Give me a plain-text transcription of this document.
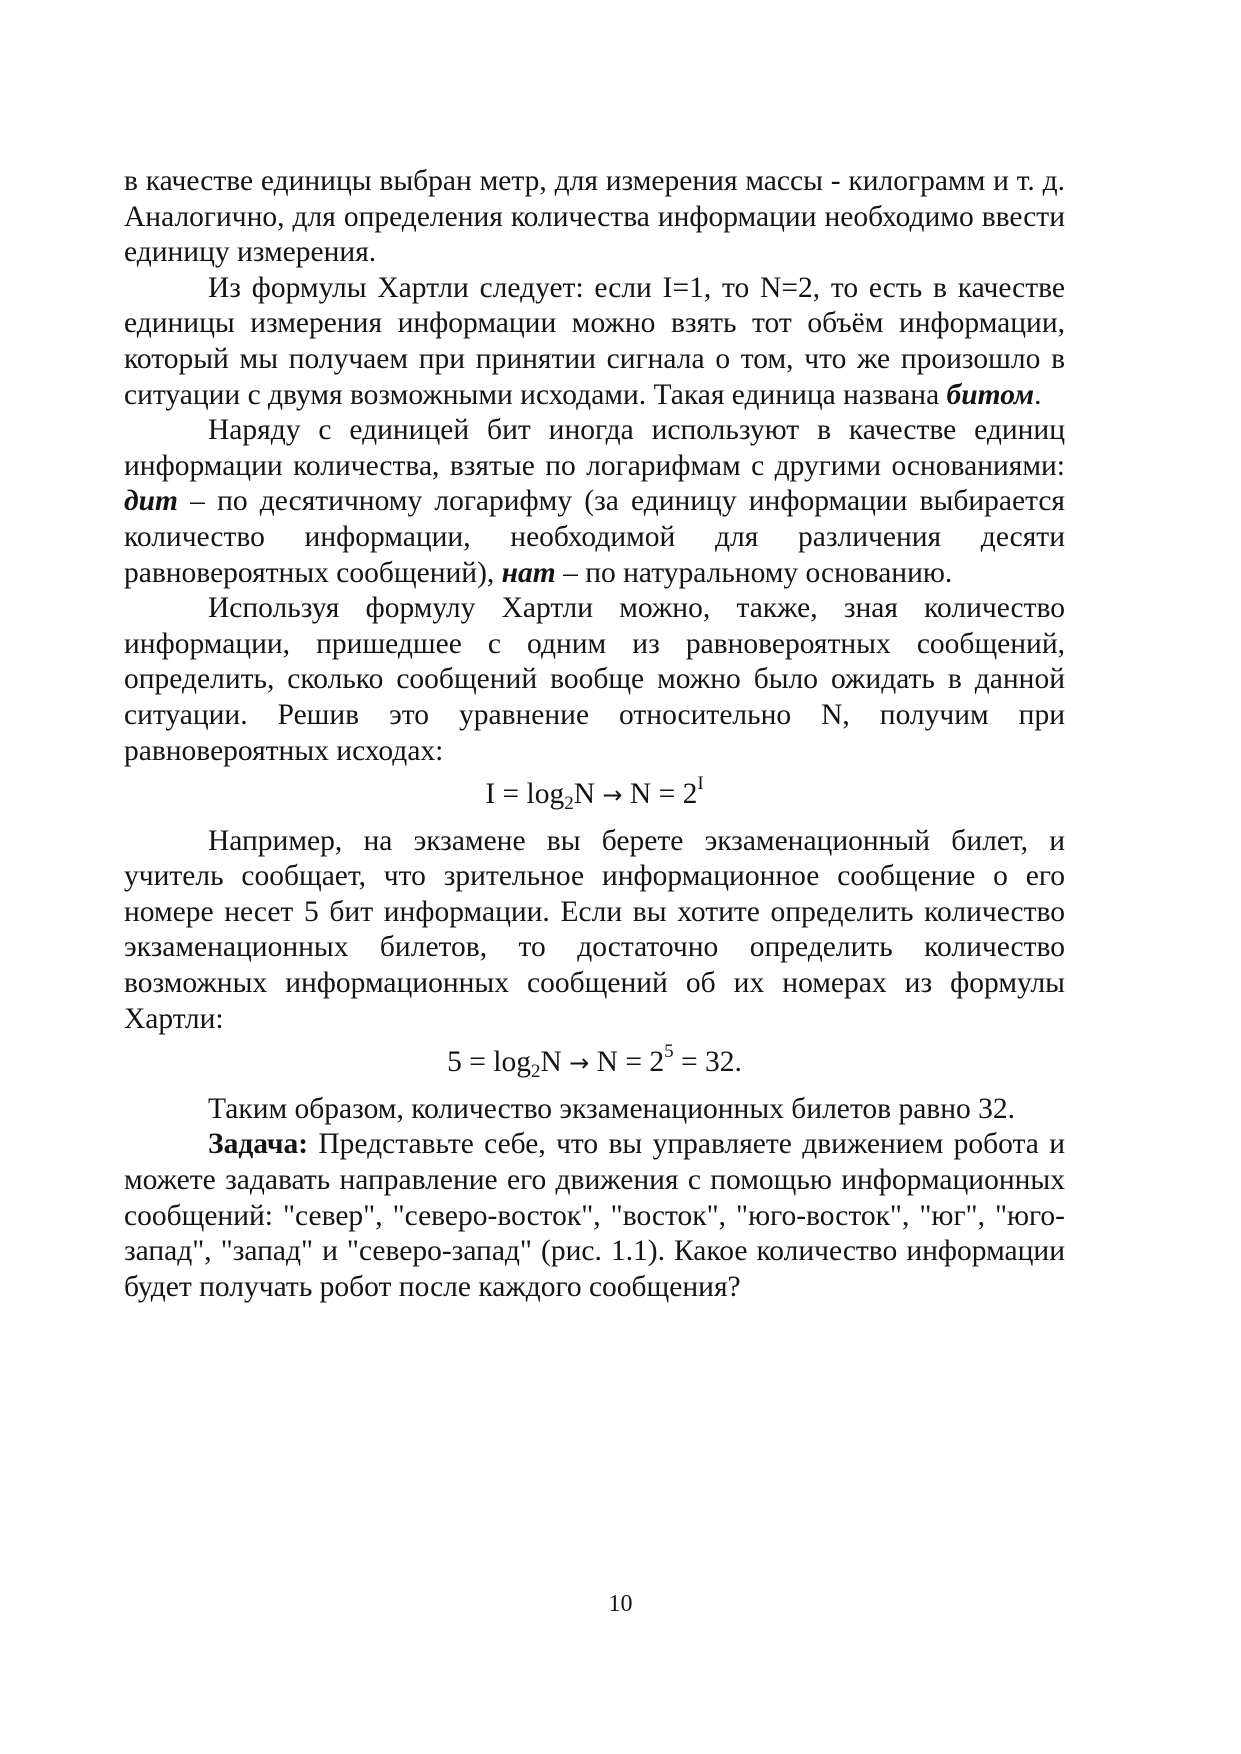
в качестве единицы выбран метр, для измерения массы - килограмм и т. д. Аналогично, для определения количества информации необходимо ввести единицу измерения.

Из формулы Хартли следует: если I=1, то N=2, то есть в качестве единицы измерения информации можно взять тот объём информации, который мы получаем при принятии сигнала о том, что же произошло в ситуации с двумя возможными исходами. Такая единица названа битом.

Наряду с единицей бит иногда используют в качестве единиц информации количества, взятые по логарифмам с другими основаниями: дит – по десятичному логарифму (за единицу информации выбирается количество информации, необходимой для различения десяти равновероятных сообщений), нат – по натуральному основанию.

Используя формулу Хартли можно, также, зная количество информации, пришедшее с одним из равновероятных сообщений, определить, сколько сообщений вообще можно было ожидать в данной ситуации. Решив это уравнение относительно N, получим при равновероятных исходах:

$I = \log_2N \to N = 2^I$

Например, на экзамене вы берете экзаменационный билет, и учитель сообщает, что зрительное информационное сообщение о его номере несет 5 бит информации. Если вы хотите определить количество экзаменационных билетов, то достаточно определить количество возможных информационных сообщений об их номерах из формулы Хартли:

$5 = \log_2N \to N = 2^5 = 32$.

Таким образом, количество экзаменационных билетов равно 32.

Задача: Представьте себе, что вы управляете движением робота и можете задавать направление его движения с помощью информационных сообщений: "север", "северо-восток", "восток", "юго-восток", "юг", "юго-запад", "запад" и "северо-запад" (рис. 1.1). Какое количество информации будет получать робот после каждого сообщения?

10
